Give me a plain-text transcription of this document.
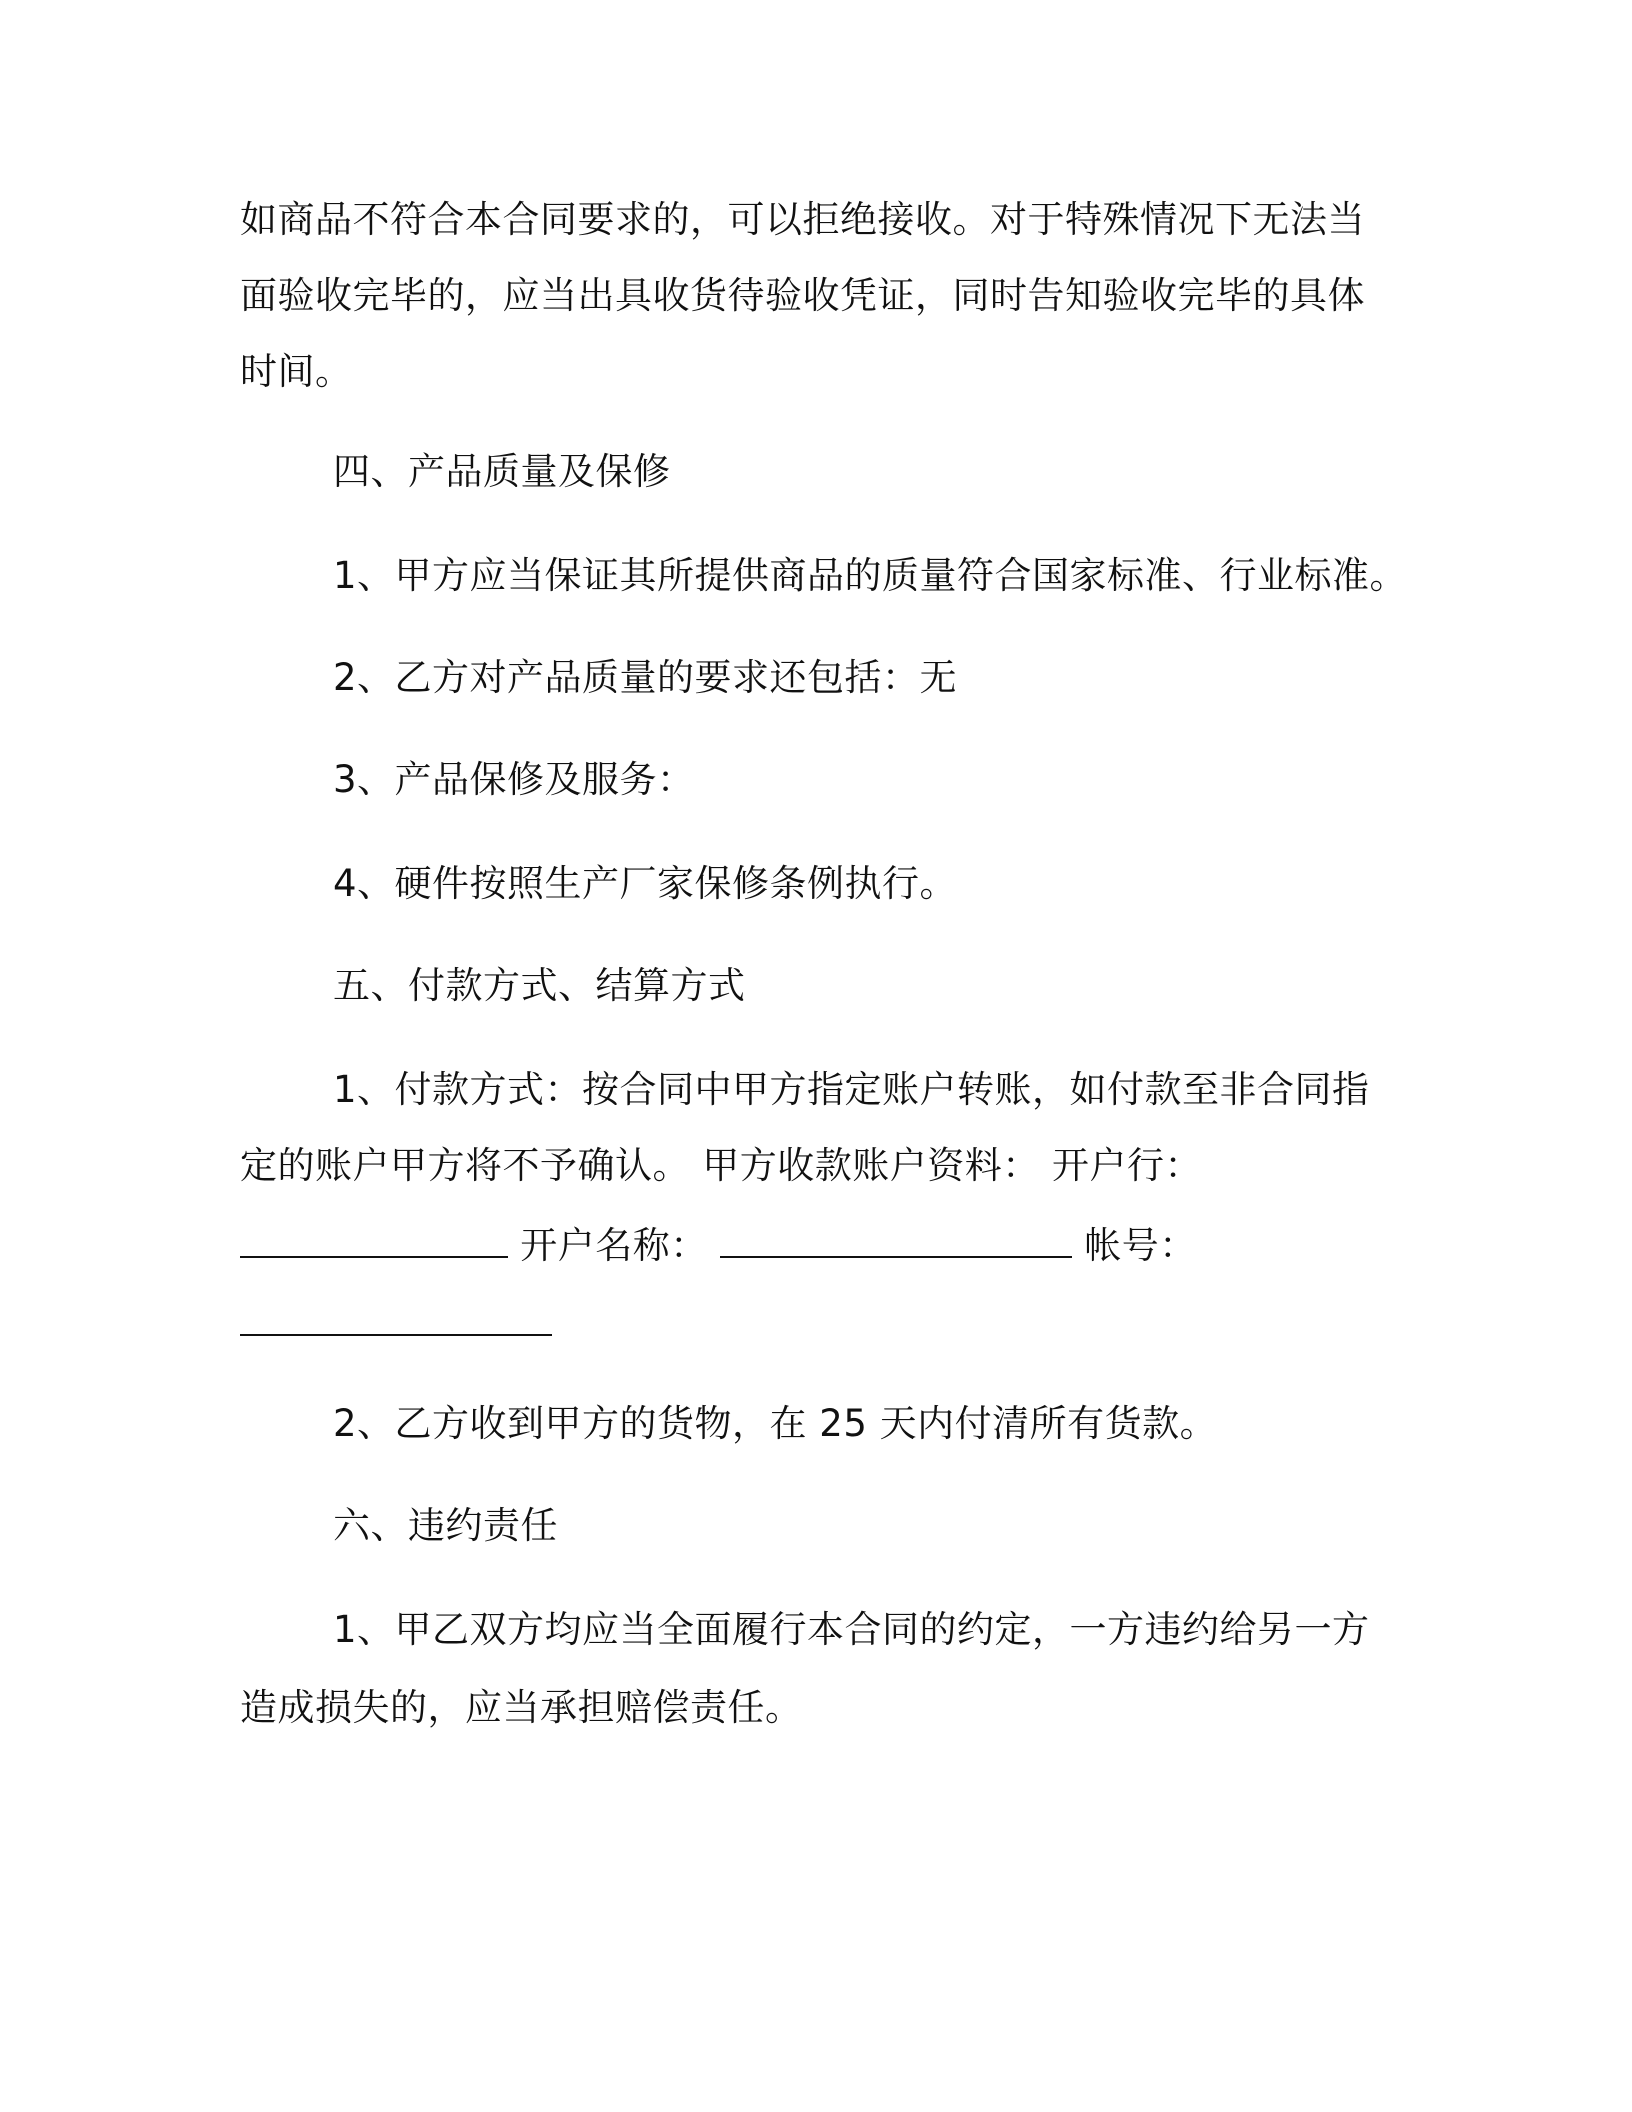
如商品不符合本合同要求的，可以拒绝接收。对于特殊情况下无法当
面验收完毕的，应当出具收货待验收凭证，同时告知验收完毕的具体
时间。
四、产品质量及保修
1、甲方应当保证其所提供商品的质量符合国家标准、行业标准。
2、乙方对产品质量的要求还包括：无
3、产品保修及服务：
4、硬件按照生产厂家保修条例执行。
五、付款方式、结算方式
1、付款方式：按合同中甲方指定账户转账，如付款至非合同指
定的账户甲方将不予确认。 甲方收款账户资料： 开户行：
开户名称：	帐号：
2、乙方收到甲方的货物，在 25 天内付清所有货款。
六、违约责任
1、甲乙双方均应当全面履行本合同的约定，一方违约给另一方
造成损失的，应当承担赔偿责任。
